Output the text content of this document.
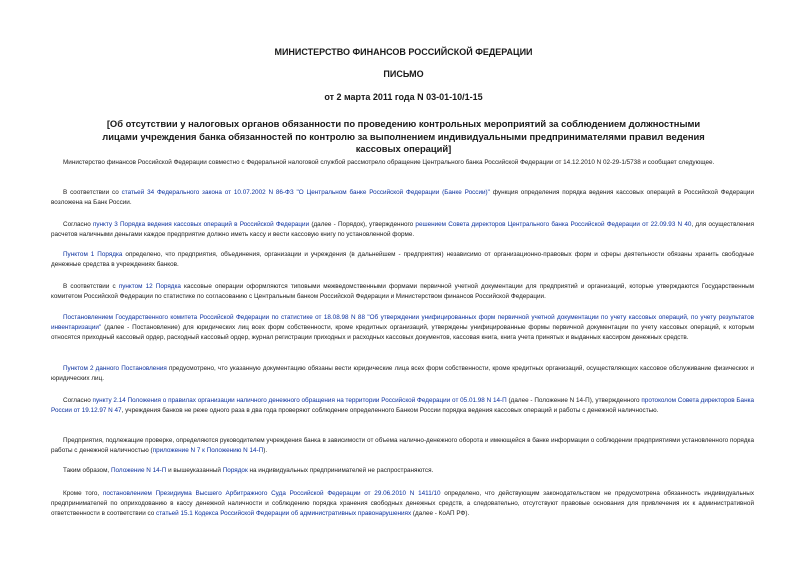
МИНИСТЕРСТВО ФИНАНСОВ РОССИЙСКОЙ ФЕДЕРАЦИИ
ПИСЬМО
от 2 марта 2011 года N 03-01-10/1-15
[Об отсутствии у налоговых органов обязанности по проведению контрольных мероприятий за соблюдением должностными лицами учреждения банка обязанностей по контролю за выполнением индивидуальными предпринимателями правил ведения кассовых операций]

Министерство финансов Российской Федерации совместно с Федеральной налоговой службой рассмотрело обращение Центрального банка Российской Федерации от 14.12.2010 N 02-29-1/5738 и сообщает следующее.

В соответствии со статьей 34 Федерального закона от 10.07.2002 N 86-ФЗ "О Центральном банке Российской Федерации (Банке России)" функция определения порядка ведения кассовых операций в Российской Федерации возложена на Банк России.

Согласно пункту 3 Порядка ведения кассовых операций в Российской Федерации (далее - Порядок), утвержденного решением Совета директоров Центрального банка Российской Федерации от 22.09.93 N 40, для осуществления расчетов наличными деньгами каждое предприятие должно иметь кассу и вести кассовую книгу по установленной форме.

Пунктом 1 Порядка определено, что предприятия, объединения, организации и учреждения (в дальнейшем - предприятия) независимо от организационно-правовых форм и сферы деятельности обязаны хранить свободные денежные средства в учреждениях банков.

В соответствии с пунктом 12 Порядка кассовые операции оформляются типовыми межведомственными формами первичной учетной документации для предприятий и организаций, которые утверждаются Государственным комитетом Российской Федерации по статистике по согласованию с Центральным банком Российской Федерации и Министерством финансов Российской Федерации.

Постановлением Государственного комитета Российской Федерации по статистике от 18.08.98 N 88 "Об утверждении унифицированных форм первичной учетной документации по учету кассовых операций, по учету результатов инвентаризации" (далее - Постановление) для юридических лиц всех форм собственности, кроме кредитных организаций, утверждены унифицированные формы первичной документации по учету кассовых операций, к которым относятся приходный кассовый ордер, расходный кассовый ордер, журнал регистрации приходных и расходных кассовых документов, кассовая книга, книга учета принятых и выданных кассиром денежных средств.

Пунктом 2 данного Постановления предусмотрено, что указанную документацию обязаны вести юридические лица всех форм собственности, кроме кредитных организаций, осуществляющих кассовое обслуживание физических и юридических лиц.

Согласно пункту 2.14 Положения о правилах организации наличного денежного обращения на территории Российской Федерации от 05.01.98 N 14-П (далее - Положение N 14-П), утвержденного протоколом Совета директоров Банка России от 19.12.97 N 47, учреждения банков не реже одного раза в два года проверяют соблюдение определенного Банком России порядка ведения кассовых операций и работы с денежной наличностью.

Предприятия, подлежащие проверке, определяются руководителем учреждения банка в зависимости от объема налично-денежного оборота и имеющейся в банке информации о соблюдении предприятиями установленного порядка работы с денежной наличностью (приложение N 7 к Положению N 14-П).

Таким образом, Положение N 14-П и вышеуказанный Порядок на индивидуальных предпринимателей не распространяются.

Кроме того, постановлением Президиума Высшего Арбитражного Суда Российской Федерации от 29.06.2010 N 1411/10 определено, что действующим законодательством не предусмотрена обязанность индивидуальных предпринимателей по оприходованию в кассу денежной наличности и соблюдению порядка хранения свободных денежных средств, а следовательно, отсутствуют правовые основания для привлечения их к административной ответственности в соответствии со статьей 15.1 Кодекса Российской Федерации об административных правонарушениях (далее - КоАП РФ).
